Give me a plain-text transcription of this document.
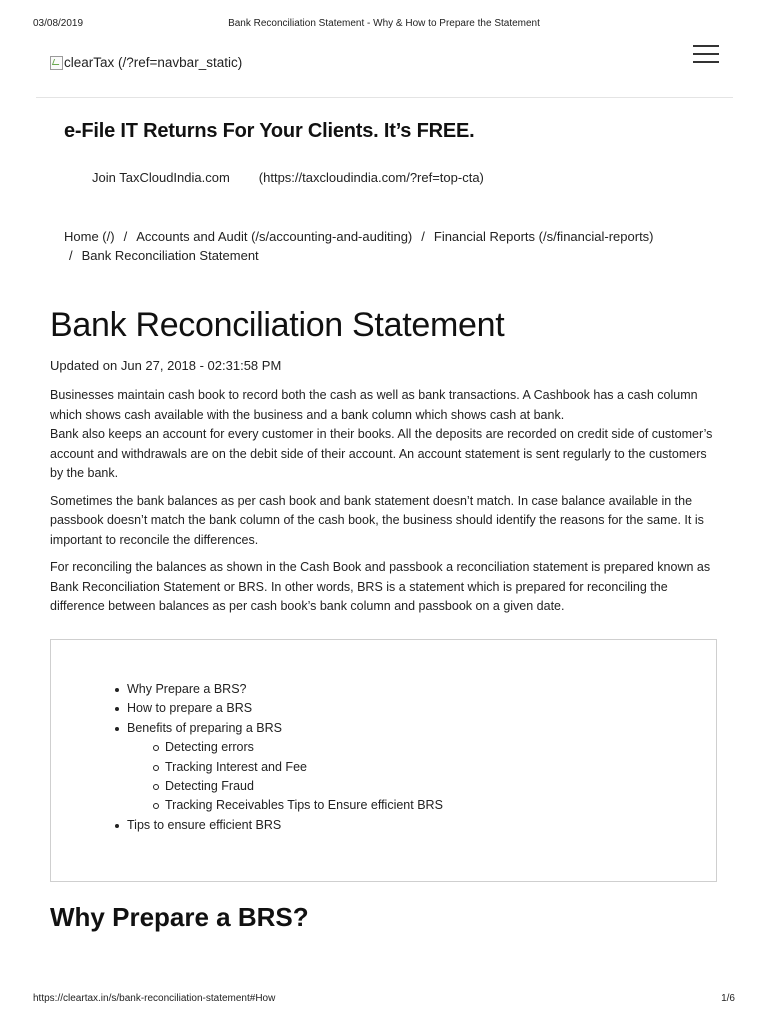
03/08/2019	Bank Reconciliation Statement - Why & How to Prepare the Statement
clearTax (/?ref=navbar_static)
e-File IT Returns For Your Clients. It’s FREE.
Join TaxCloudIndia.com (https://taxcloudindia.com/?ref=top-cta)
Home (/) / Accounts and Audit (/s/accounting-and-auditing) / Financial Reports (/s/financial-reports)
/ Bank Reconciliation Statement
Bank Reconciliation Statement
Updated on Jun 27, 2018 - 02:31:58 PM

Businesses maintain cash book to record both the cash as well as bank transactions. A Cashbook has a cash column which shows cash available with the business and a bank column which shows cash at bank.
Bank also keeps an account for every customer in their books. All the deposits are recorded on credit side of customer’s account and withdrawals are on the debit side of their account. An account statement is sent regularly to the customers by the bank.

Sometimes the bank balances as per cash book and bank statement doesn’t match. In case balance available in the passbook doesn’t match the bank column of the cash book, the business should identify the reasons for the same. It is important to reconcile the differences.

For reconciling the balances as shown in the Cash Book and passbook a reconciliation statement is prepared known as Bank Reconciliation Statement or BRS. In other words, BRS is a statement which is prepared for reconciling the difference between balances as per cash book’s bank column and passbook on a given date.

Why Prepare a BRS?
How to prepare a BRS
Benefits of preparing a BRS
Detecting errors
Tracking Interest and Fee
Detecting Fraud
Tracking Receivables Tips to Ensure efficient BRS
Tips to ensure efficient BRS
Why Prepare a BRS?
https://cleartax.in/s/bank-reconciliation-statement#How	1/6
